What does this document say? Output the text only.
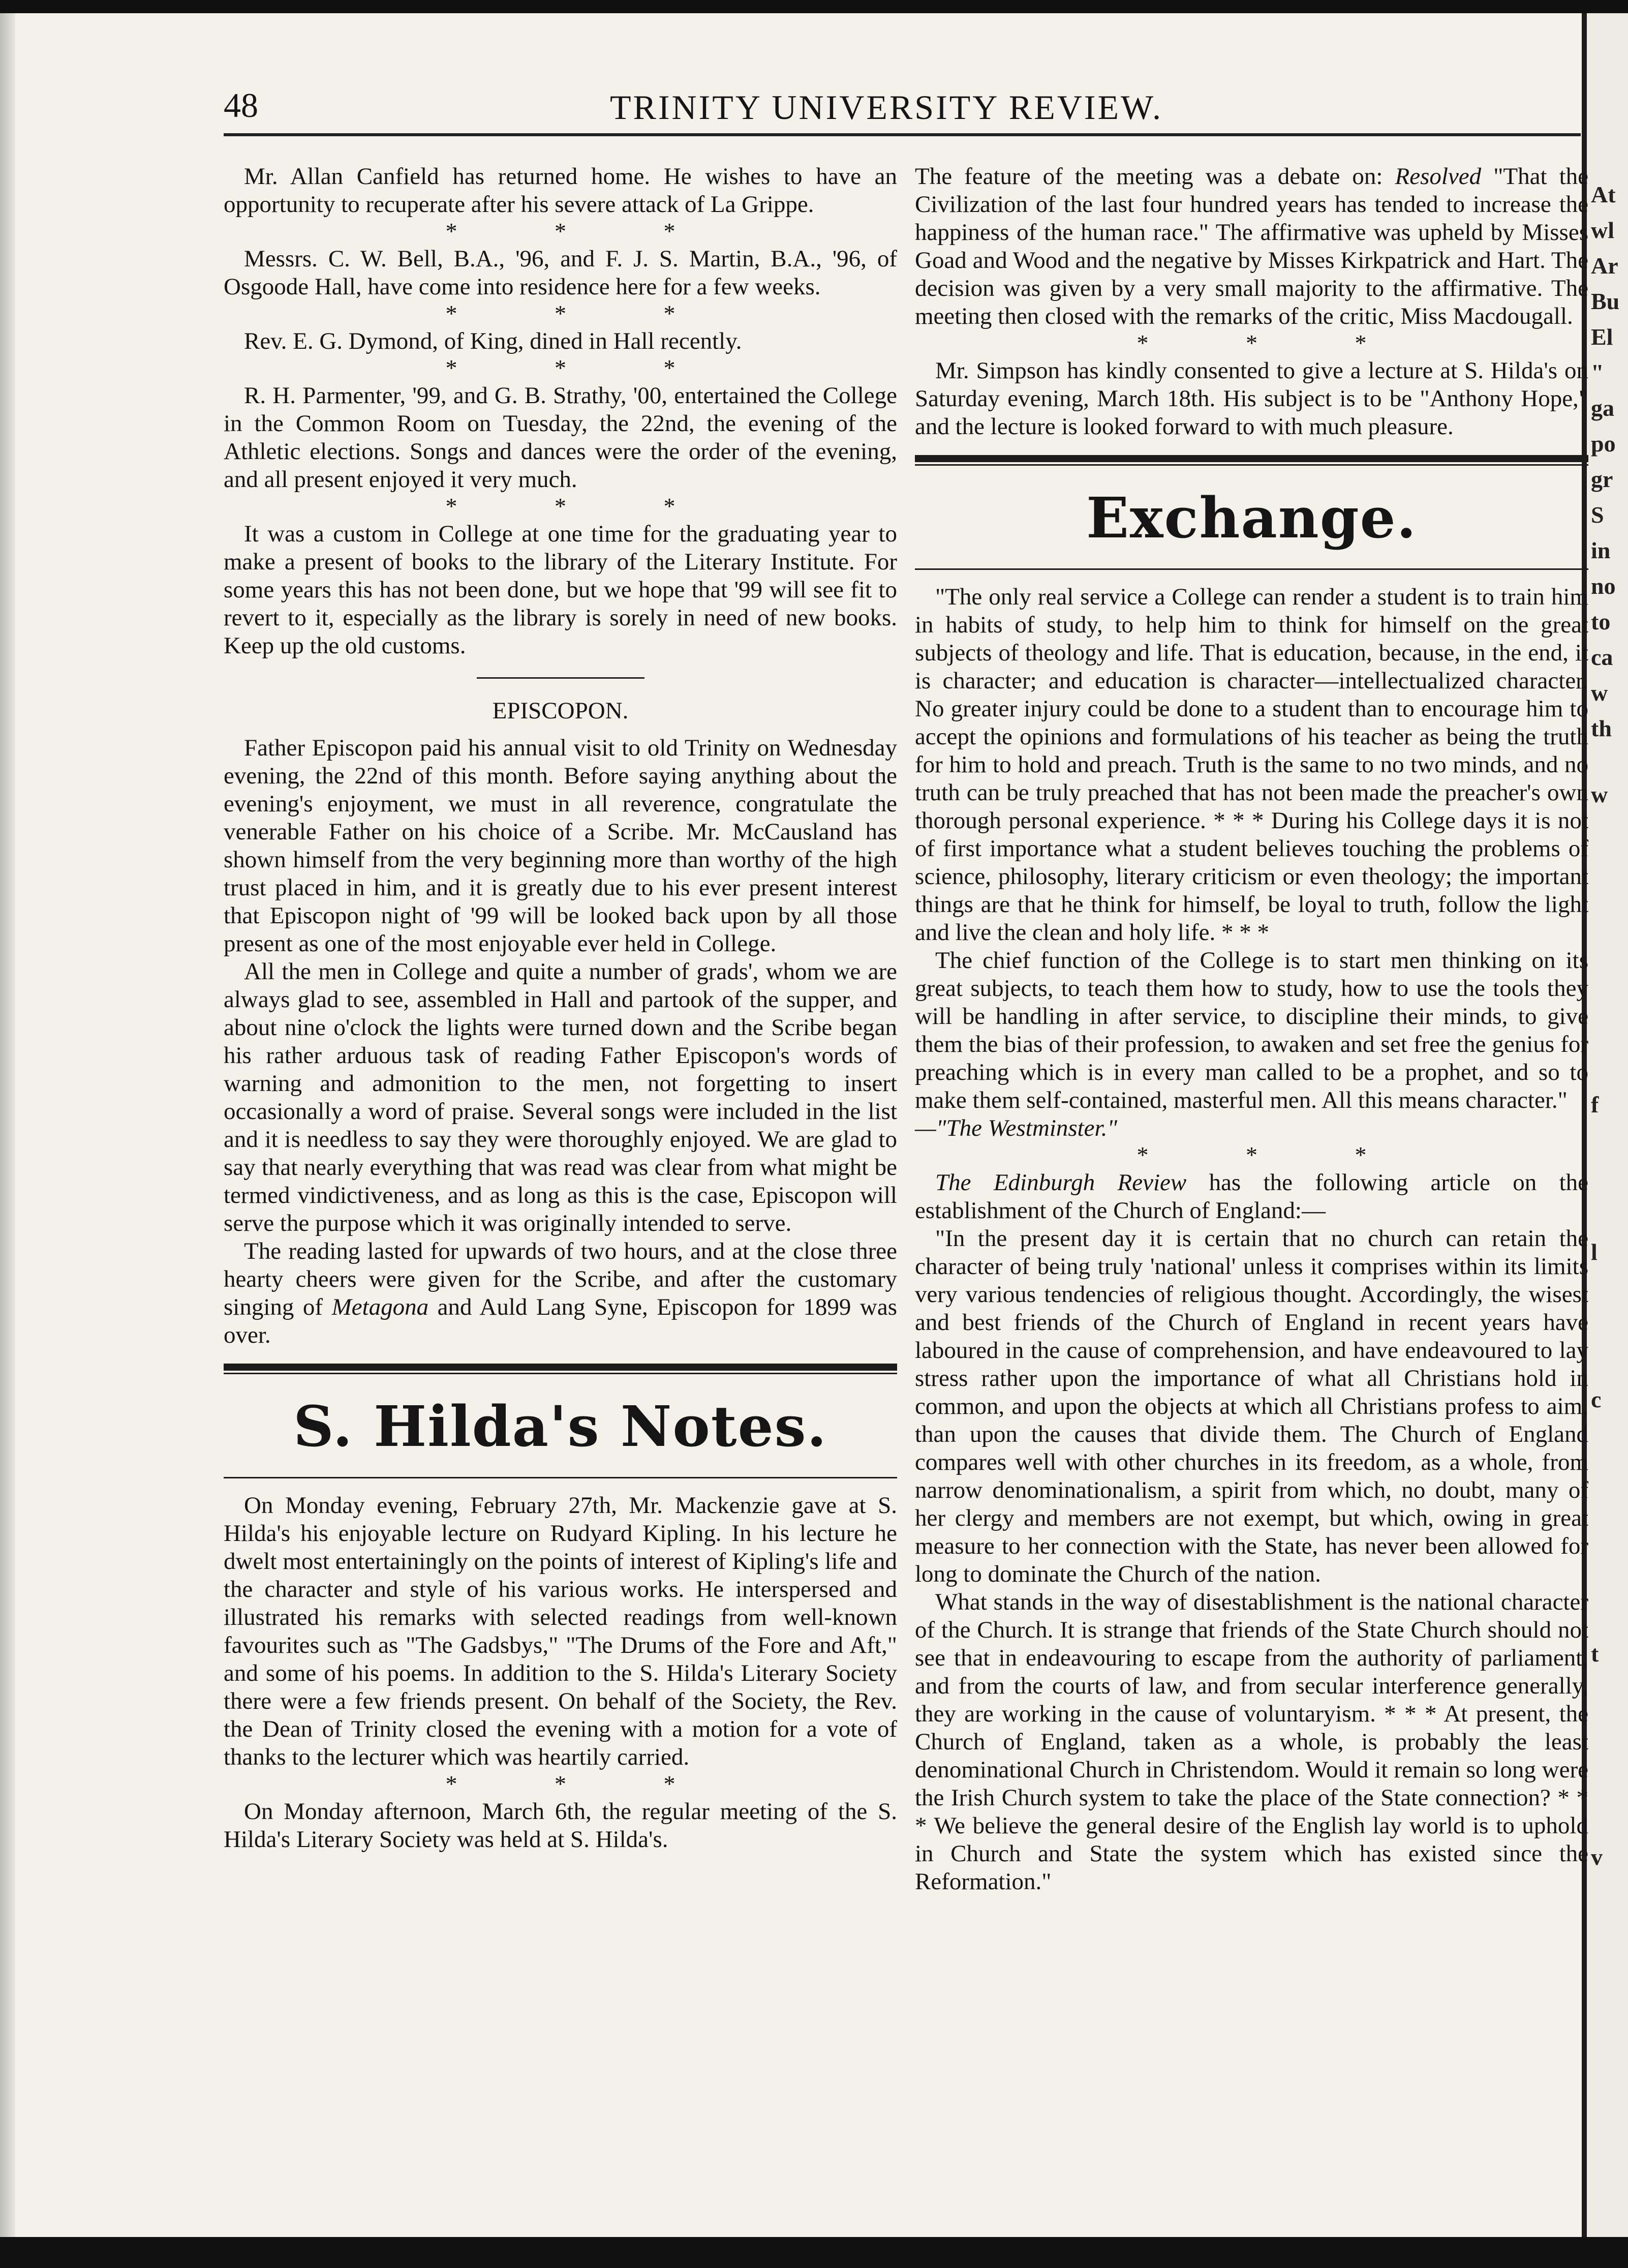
At
wl
Ar
Bu
El
"
ga
po
gr
S
in
no
to
ca
w
th
w
f
l
c
t
v
48	TRINITY UNIVERSITY REVIEW.

Mr. Allan Canfield has returned home. He wishes to have an opportunity to recuperate after his severe attack of La Grippe.

* * *

Messrs. C. W. Bell, B.A., '96, and F. J. S. Martin, B.A., '96, of Osgoode Hall, have come into residence here for a few weeks.

* * *

Rev. E. G. Dymond, of King, dined in Hall recently.

* * *

R. H. Parmenter, '99, and G. B. Strathy, '00, entertained the College in the Common Room on Tuesday, the 22nd, the evening of the Athletic elections. Songs and dances were the order of the evening, and all present enjoyed it very much.

* * *

It was a custom in College at one time for the graduating year to make a present of books to the library of the Literary Institute. For some years this has not been done, but we hope that '99 will see fit to revert to it, especially as the library is sorely in need of new books. Keep up the old customs.

EPISCOPON.

Father Episcopon paid his annual visit to old Trinity on Wednesday evening, the 22nd of this month. Before saying anything about the evening's enjoyment, we must in all reverence, congratulate the venerable Father on his choice of a Scribe. Mr. McCausland has shown himself from the very beginning more than worthy of the high trust placed in him, and it is greatly due to his ever present interest that Episcopon night of '99 will be looked back upon by all those present as one of the most enjoyable ever held in College.

All the men in College and quite a number of grads', whom we are always glad to see, assembled in Hall and partook of the supper, and about nine o'clock the lights were turned down and the Scribe began his rather arduous task of reading Father Episcopon's words of warning and admonition to the men, not forgetting to insert occasionally a word of praise. Several songs were included in the list and it is needless to say they were thoroughly enjoyed. We are glad to say that nearly everything that was read was clear from what might be termed vindictiveness, and as long as this is the case, Episcopon will serve the purpose which it was originally intended to serve.

The reading lasted for upwards of two hours, and at the close three hearty cheers were given for the Scribe, and after the customary singing of Metagona and Auld Lang Syne, Episcopon for 1899 was over.

S. Hilda's Notes.

On Monday evening, February 27th, Mr. Mackenzie gave at S. Hilda's his enjoyable lecture on Rudyard Kipling. In his lecture he dwelt most entertainingly on the points of interest of Kipling's life and the character and style of his various works. He interspersed and illustrated his remarks with selected readings from well-known favourites such as "The Gadsbys," "The Drums of the Fore and Aft," and some of his poems. In addition to the S. Hilda's Literary Society there were a few friends present. On behalf of the Society, the Rev. the Dean of Trinity closed the evening with a motion for a vote of thanks to the lecturer which was heartily carried.

* * *

On Monday afternoon, March 6th, the regular meeting of the S. Hilda's Literary Society was held at S. Hilda's.

The feature of the meeting was a debate on: Resolved "That the Civilization of the last four hundred years has tended to increase the happiness of the human race." The affirmative was upheld by Misses Goad and Wood and the negative by Misses Kirkpatrick and Hart. The decision was given by a very small majority to the affirmative. The meeting then closed with the remarks of the critic, Miss Macdougall.

* * *

Mr. Simpson has kindly consented to give a lecture at S. Hilda's on Saturday evening, March 18th. His subject is to be "Anthony Hope," and the lecture is looked forward to with much pleasure.

Exchange.

"The only real service a College can render a student is to train him in habits of study, to help him to think for himself on the great subjects of theology and life. That is education, because, in the end, it is character; and education is character—intellectualized character. No greater injury could be done to a student than to encourage him to accept the opinions and formulations of his teacher as being the truth for him to hold and preach. Truth is the same to no two minds, and no truth can be truly preached that has not been made the preacher's own thorough personal experience. * * * During his College days it is not of first importance what a student believes touching the problems of science, philosophy, literary criticism or even theology; the important things are that he think for himself, be loyal to truth, follow the light and live the clean and holy life. * * *

The chief function of the College is to start men thinking on its great subjects, to teach them how to study, how to use the tools they will be handling in after service, to discipline their minds, to give them the bias of their profession, to awaken and set free the genius for preaching which is in every man called to be a prophet, and so to make them self-contained, masterful men. All this means character."
—"The Westminster."

* * *

The Edinburgh Review has the following article on the establishment of the Church of England:—

"In the present day it is certain that no church can retain the character of being truly 'national' unless it comprises within its limits very various tendencies of religious thought. Accordingly, the wisest and best friends of the Church of England in recent years have laboured in the cause of comprehension, and have endeavoured to lay stress rather upon the importance of what all Christians hold in common, and upon the objects at which all Christians profess to aim, than upon the causes that divide them. The Church of England compares well with other churches in its freedom, as a whole, from narrow denominationalism, a spirit from which, no doubt, many of her clergy and members are not exempt, but which, owing in great measure to her connection with the State, has never been allowed for long to dominate the Church of the nation.

What stands in the way of disestablishment is the national character of the Church. It is strange that friends of the State Church should not see that in endeavouring to escape from the authority of parliament, and from the courts of law, and from secular interference generally, they are working in the cause of voluntaryism. * * * At present, the Church of England, taken as a whole, is probably the least denominational Church in Christendom. Would it remain so long were the Irish Church system to take the place of the State connection? * * * We believe the general desire of the English lay world is to uphold in Church and State the system which has existed since the Reformation."
